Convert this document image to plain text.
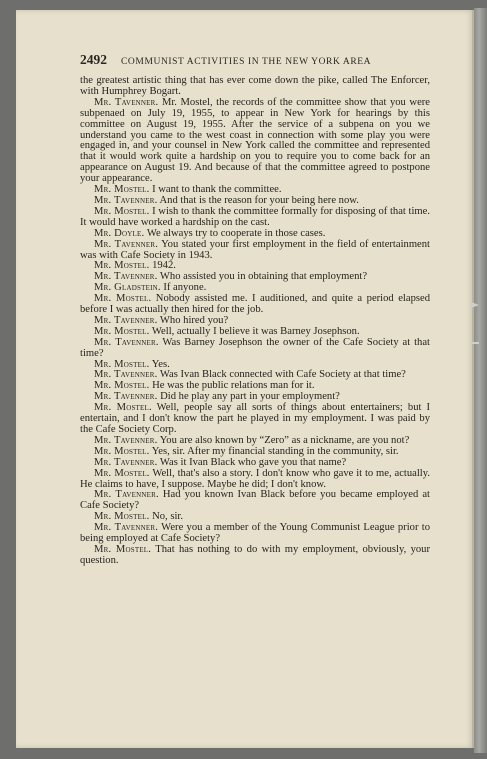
2492 COMMUNIST ACTIVITIES IN THE NEW YORK AREA

the greatest artistic thing that has ever come down the pike, called The Enforcer, with Humphrey Bogart.

Mr. Tavenner. Mr. Mostel, the records of the committee show that you were subpenaed on July 19, 1955, to appear in New York for hearings by this committee on August 19, 1955. After the service of a subpena on you we understand you came to the west coast in connection with some play you were engaged in, and your counsel in New York called the committee and represented that it would work quite a hardship on you to require you to come back for an appearance on August 19. And because of that the committee agreed to postpone your appearance.

Mr. Mostel. I want to thank the committee.

Mr. Tavenner. And that is the reason for your being here now.

Mr. Mostel. I wish to thank the committee formally for disposing of that time. It would have worked a hardship on the cast.

Mr. Doyle. We always try to cooperate in those cases.

Mr. Tavenner. You stated your first employment in the field of entertainment was with Cafe Society in 1943.

Mr. Mostel. 1942.

Mr. Tavenner. Who assisted you in obtaining that employment?

Mr. Gladstein. If anyone.

Mr. Mostel. Nobody assisted me. I auditioned, and quite a period elapsed before I was actually then hired for the job.

Mr. Tavenner. Who hired you?

Mr. Mostel. Well, actually I believe it was Barney Josephson.

Mr. Tavenner. Was Barney Josephson the owner of the Cafe Society at that time?

Mr. Mostel. Yes.

Mr. Tavenner. Was Ivan Black connected with Cafe Society at that time?

Mr. Mostel. He was the public relations man for it.

Mr. Tavenner. Did he play any part in your employment?

Mr. Mostel. Well, people say all sorts of things about entertainers; but I entertain, and I don't know the part he played in my employment. I was paid by the Cafe Society Corp.

Mr. Tavenner. You are also known by “Zero” as a nickname, are you not?

Mr. Mostel. Yes, sir. After my financial standing in the community, sir.

Mr. Tavenner. Was it Ivan Black who gave you that name?

Mr. Mostel. Well, that's also a story. I don't know who gave it to me, actually. He claims to have, I suppose. Maybe he did; I don't know.

Mr. Tavenner. Had you known Ivan Black before you became employed at Cafe Society?

Mr. Mostel. No, sir.

Mr. Tavenner. Were you a member of the Young Communist League prior to being employed at Cafe Society?

Mr. Mostel. That has nothing to do with my employment, obviously, your question.
